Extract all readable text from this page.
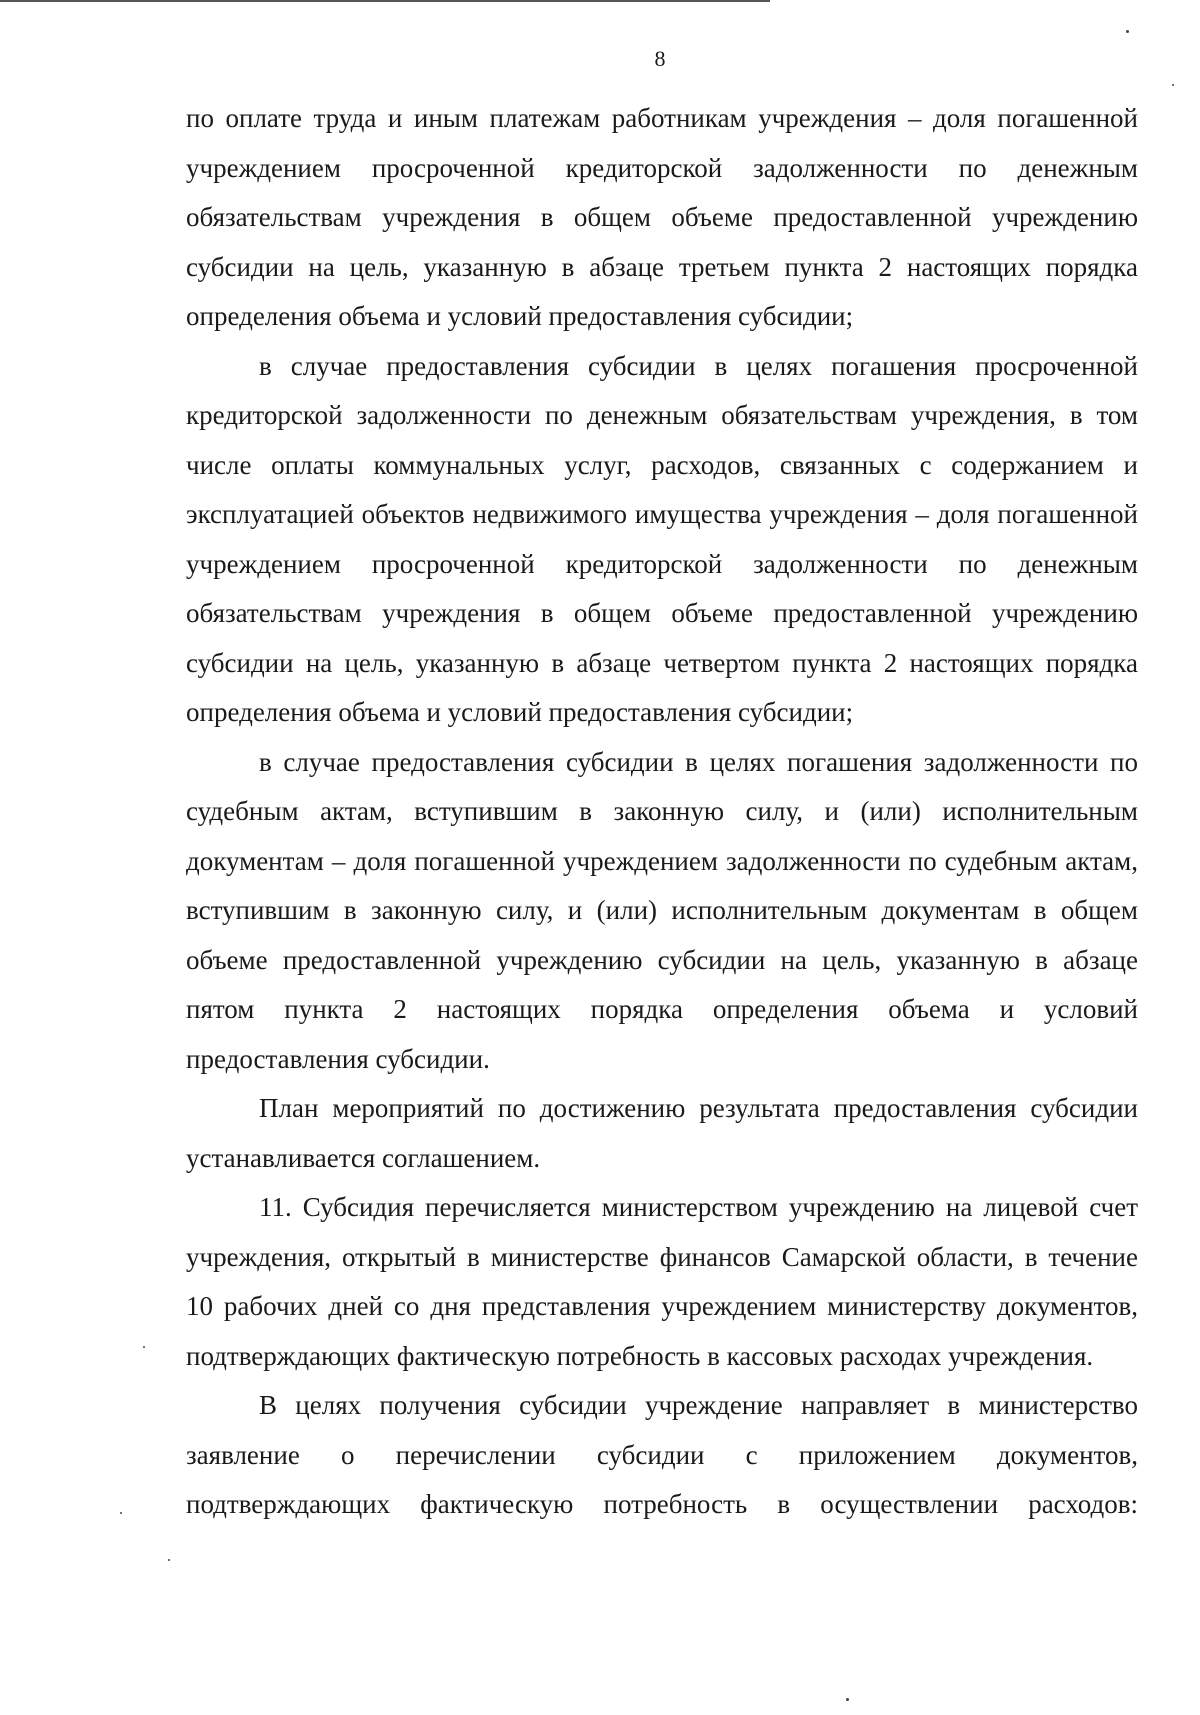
8

по оплате труда и иным платежам работникам учреждения – доля погашенной учреждением просроченной кредиторской задолженности по денежным обязательствам учреждения в общем объеме предоставленной учреждению субсидии на цель, указанную в абзаце третьем пункта 2 настоящих порядка определения объема и условий предоставления субсидии;

в случае предоставления субсидии в целях погашения просроченной кредиторской задолженности по денежным обязательствам учреждения, в том числе оплаты коммунальных услуг, расходов, связанных с содержанием и эксплуатацией объектов недвижимого имущества учреждения – доля погашенной учреждением просроченной кредиторской задолженности по денежным обязательствам учреждения в общем объеме предоставленной учреждению субсидии на цель, указанную в абзаце четвертом пункта 2 настоящих порядка определения объема и условий предоставления субсидии;

в случае предоставления субсидии в целях погашения задолженности по судебным актам, вступившим в законную силу, и (или) исполнительным документам – доля погашенной учреждением задолженности по судебным актам, вступившим в законную силу, и (или) исполнительным документам в общем объеме предоставленной учреждению субсидии на цель, указанную в абзаце пятом пункта 2 настоящих порядка определения объема и условий предоставления субсидии.

План мероприятий по достижению результата предоставления субсидии устанавливается соглашением.

11. Субсидия перечисляется министерством учреждению на лицевой счет учреждения, открытый в министерстве финансов Самарской области, в течение 10 рабочих дней со дня представления учреждением министерству документов, подтверждающих фактическую потребность в кассовых расходах учреждения.

В целях получения субсидии учреждение направляет в министерство заявление о перечислении субсидии с приложением документов, подтверждающих фактическую потребность в осуществлении расходов:
